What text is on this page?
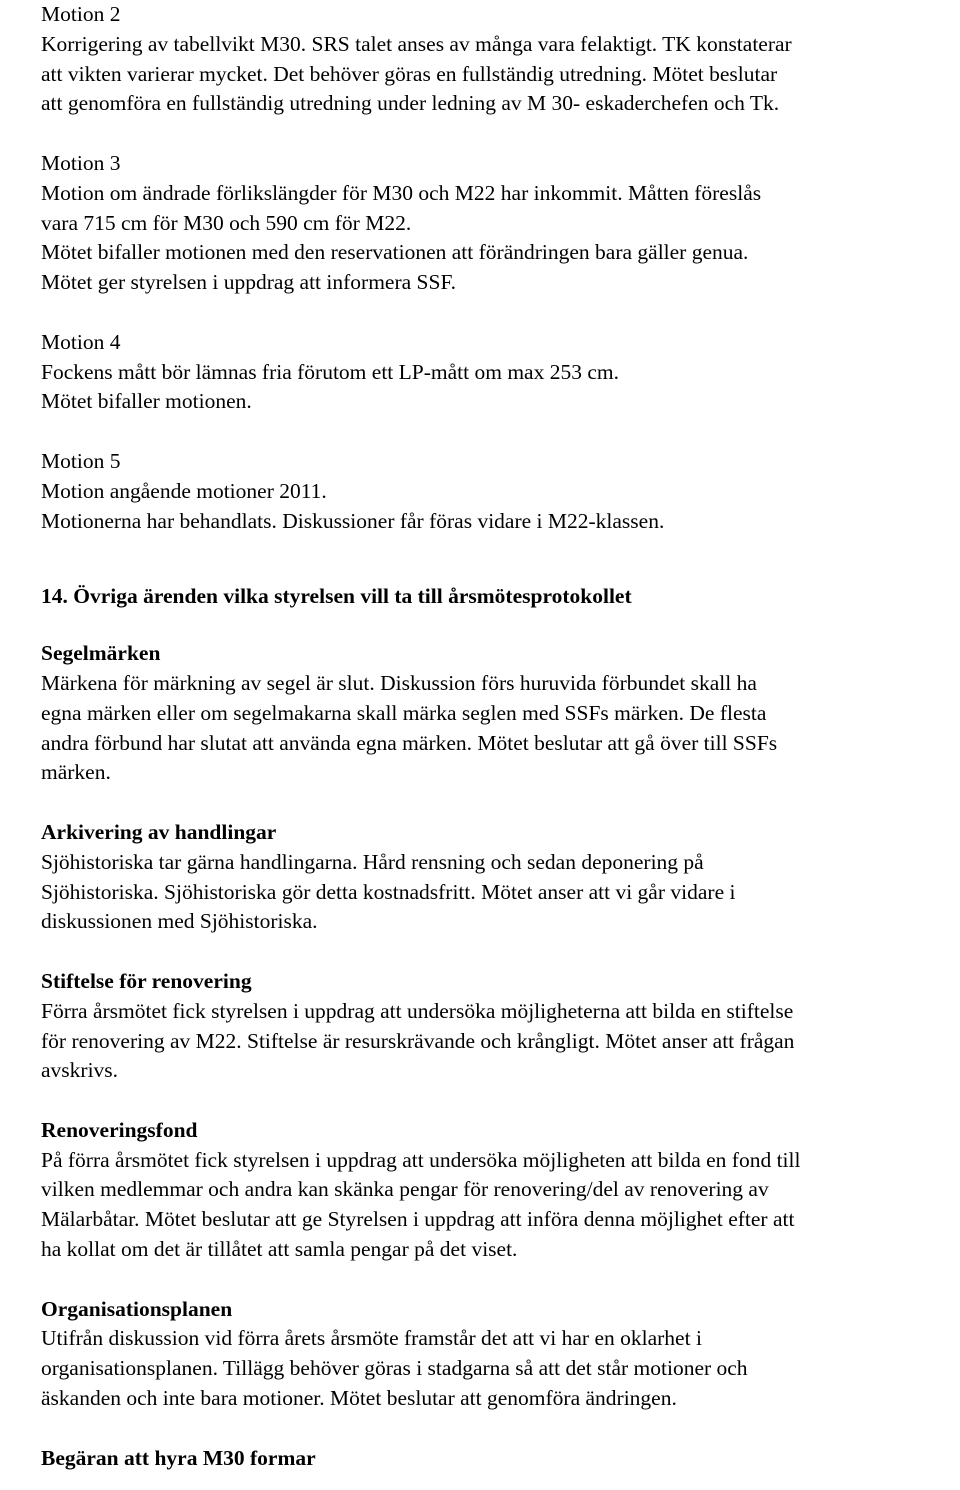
Motion 2
Korrigering av tabellvikt M30. SRS talet anses av många vara felaktigt. TK konstaterar
att vikten varierar mycket. Det behöver göras en fullständig utredning. Mötet beslutar
att genomföra en fullständig utredning under ledning av M 30- eskaderchefen och Tk.
Motion 3
Motion om ändrade förlikslängder för M30 och M22 har inkommit. Måtten föreslås
vara 715 cm för M30 och 590 cm för M22.
Mötet bifaller motionen med den reservationen att förändringen bara gäller genua.
Mötet ger styrelsen i uppdrag att informera SSF.
Motion 4
Fockens mått bör lämnas fria förutom ett LP-mått om max 253 cm.
Mötet bifaller motionen.
Motion 5
Motion angående motioner 2011.
Motionerna har behandlats. Diskussioner får föras vidare i M22-klassen.
14. Övriga ärenden vilka styrelsen vill ta till årsmötesprotokollet
Segelmärken
Märkena för märkning av segel är slut. Diskussion förs huruvida förbundet skall ha
egna märken eller om segelmakarna skall märka seglen med SSFs märken. De flesta
andra förbund har slutat att använda egna märken. Mötet beslutar att gå över till SSFs
märken.
Arkivering av handlingar
Sjöhistoriska tar gärna handlingarna. Hård rensning och sedan deponering på
Sjöhistoriska. Sjöhistoriska gör detta kostnadsfritt. Mötet anser att vi går vidare i
diskussionen med Sjöhistoriska.
Stiftelse för renovering
Förra årsmötet fick styrelsen i uppdrag att undersöka möjligheterna att bilda en stiftelse
för renovering av M22. Stiftelse är resurskrävande och krångligt. Mötet anser att frågan
avskrivs.
Renoveringsfond
På förra årsmötet fick styrelsen i uppdrag att undersöka möjligheten att bilda en fond till
vilken medlemmar och andra kan skänka pengar för renovering/del av renovering av
Mälarbåtar. Mötet beslutar att ge Styrelsen i uppdrag att införa denna möjlighet efter att
ha kollat om det är tillåtet att samla pengar på det viset.
Organisationsplanen
Utifrån diskussion vid förra årets årsmöte framstår det att vi har en oklarhet i
organisationsplanen. Tillägg behöver göras i stadgarna så att det står motioner och
äskanden och inte bara motioner. Mötet beslutar att genomföra ändringen.
Begäran att hyra M30 formar
